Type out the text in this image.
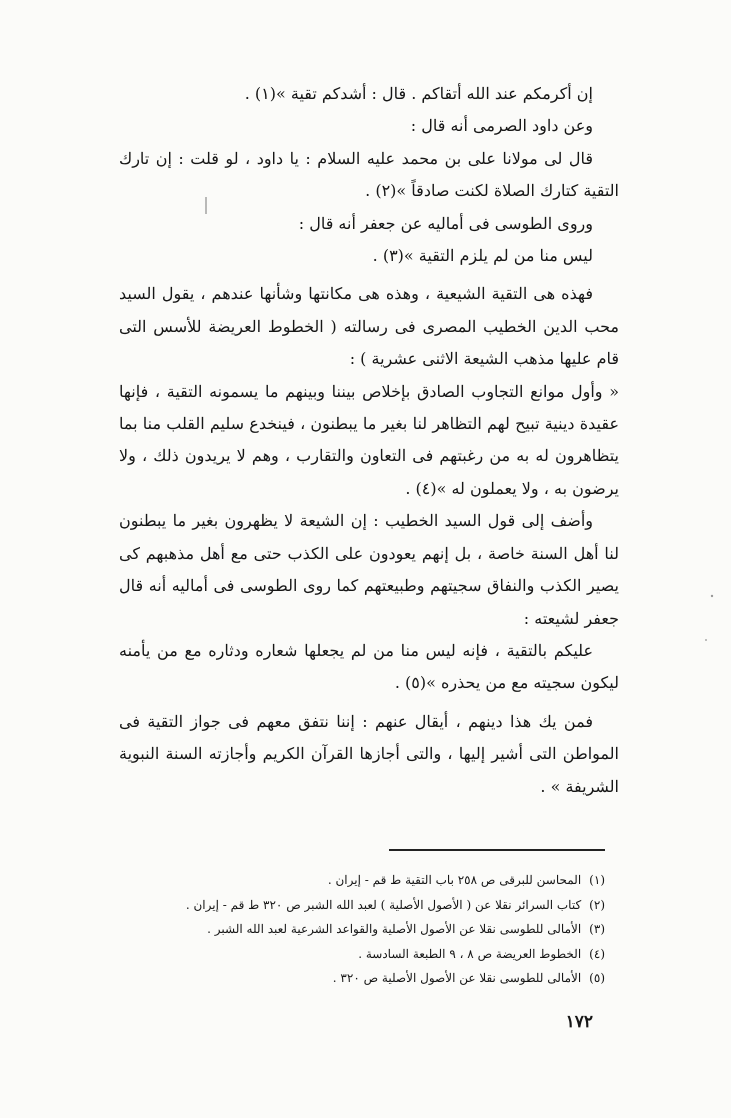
إن أكرمكم عند الله أتقاكم . قال : أشدكم تقية »(١) .

وعن داود الصرمى أنه قال :

قال لى مولانا على بن محمد عليه السلام : يا داود ، لو قلت : إن تارك التقية كتارك الصلاة لكنت صادقاً »(٢) .

وروى الطوسى فى أماليه عن جعفر أنه قال :

ليس منا من لم يلزم التقية »(٣) .

فهذه هى التقية الشيعية ، وهذه هى مكانتها وشأنها عندهم ، يقول السيد محب الدين الخطيب المصرى فى رسالته ( الخطوط العريضة للأسس التى قام عليها مذهب الشيعة الاثنى عشرية ) :

« وأول موانع التجاوب الصادق بإخلاص بيننا وبينهم ما يسمونه التقية ، فإنها عقيدة دينية تبيح لهم التظاهر لنا بغير ما يبطنون ، فينخدع سليم القلب منا بما يتظاهرون له به من رغبتهم فى التعاون والتقارب ، وهم لا يريدون ذلك ، ولا يرضون به ، ولا يعملون له »(٤) .

وأضف إلى قول السيد الخطيب : إن الشيعة لا يظهرون بغير ما يبطنون لنا أهل السنة خاصة ، بل إنهم يعودون على الكذب حتى مع أهل مذهبهم كى يصير الكذب والنفاق سجيتهم وطبيعتهم كما روى الطوسى فى أماليه أنه قال جعفر لشيعته :

عليكم بالتقية ، فإنه ليس منا من لم يجعلها شعاره ودثاره مع من يأمنه ليكون سجيته مع من يحذره »(٥) .

فمن يك هذا دينهم ، أيقال عنهم : إننا نتفق معهم فى جواز التقية فى المواطن التى أشير إليها ، والتى أجازها القرآن الكريم وأجازته السنة النبوية الشريفة » .

(١)المحاسن للبرقى ص ٢٥٨ باب التقية ط قم - إيران .
(٢)كتاب السرائر نقلا عن ( الأصول الأصلية ) لعبد الله الشبر ص ٣٢٠ ط قم - إيران .
(٣)الأمالى للطوسى نقلا عن الأصول الأصلية والقواعد الشرعية لعبد الله الشبر .
(٤)الخطوط العريضة ص ٨ ، ٩ الطبعة السادسة .
(٥)الأمالى للطوسى نقلا عن الأصول الأصلية ص ٣٢٠ .
١٧٢
